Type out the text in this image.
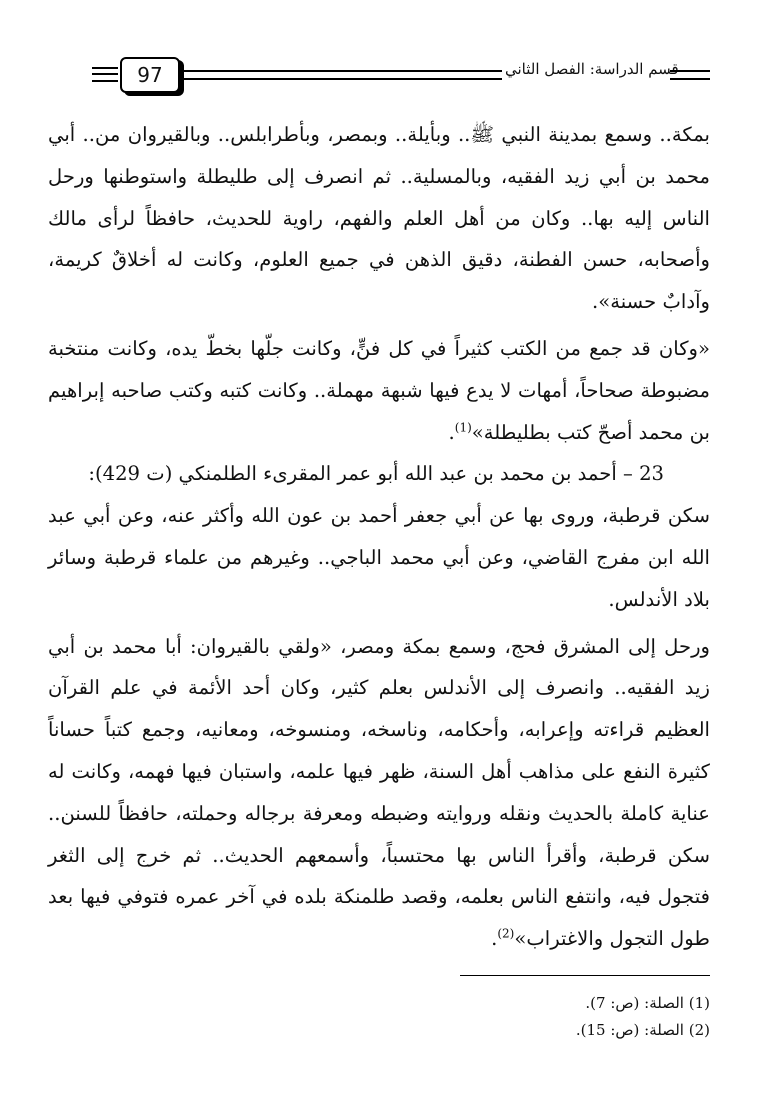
97	قسم الدراسة: الفصل الثاني

بمكة.. وسمع بمدينة النبي ﷺ.. وبأيلة.. وبمصر، وبأطرابلس.. وبالقيروان من.. أبي محمد بن أبي زيد الفقيه، وبالمسلية.. ثم انصرف إلى طليطلة واستوطنها ورحل الناس إليه بها.. وكان من أهل العلم والفهم، راوية للحديث، حافظاً لرأى مالك وأصحابه، حسن الفطنة، دقيق الذهن في جميع العلوم، وكانت له أخلاقٌ كريمة، وآدابٌ حسنة».

«وكان قد جمع من الكتب كثيراً في كل فنٍّ، وكانت جلّها بخطّ يده، وكانت منتخبة مضبوطة صحاحاً، أمهات لا يدع فيها شبهة مهملة.. وكانت كتبه وكتب صاحبه إبراهيم بن محمد أصحّ كتب بطليطلة»$^{(1)}$.

23 – أحمد بن محمد بن عبد الله أبو عمر المقرىء الطلمنكي (ت 429):

سكن قرطبة، وروى بها عن أبي جعفر أحمد بن عون الله وأكثر عنه، وعن أبي عبد الله ابن مفرج القاضي، وعن أبي محمد الباجي.. وغيرهم من علماء قرطبة وسائر بلاد الأندلس.

ورحل إلى المشرق فحج، وسمع بمكة ومصر، «ولقي بالقيروان: أبا محمد بن أبي زيد الفقيه.. وانصرف إلى الأندلس بعلم كثير، وكان أحد الأئمة في علم القرآن العظيم قراءته وإعرابه، وأحكامه، وناسخه، ومنسوخه، ومعانيه، وجمع كتباً حساناً كثيرة النفع على مذاهب أهل السنة، ظهر فيها علمه، واستبان فيها فهمه، وكانت له عناية كاملة بالحديث ونقله وروايته وضبطه ومعرفة برجاله وحملته، حافظاً للسنن.. سكن قرطبة، وأقرأ الناس بها محتسباً، وأسمعهم الحديث.. ثم خرج إلى الثغر فتجول فيه، وانتفع الناس بعلمه، وقصد طلمنكة بلده في آخر عمره فتوفي فيها بعد طول التجول والاغتراب»$^{(2)}$.

(1) الصلة: (ص: 7).

(2) الصلة: (ص: 15).
